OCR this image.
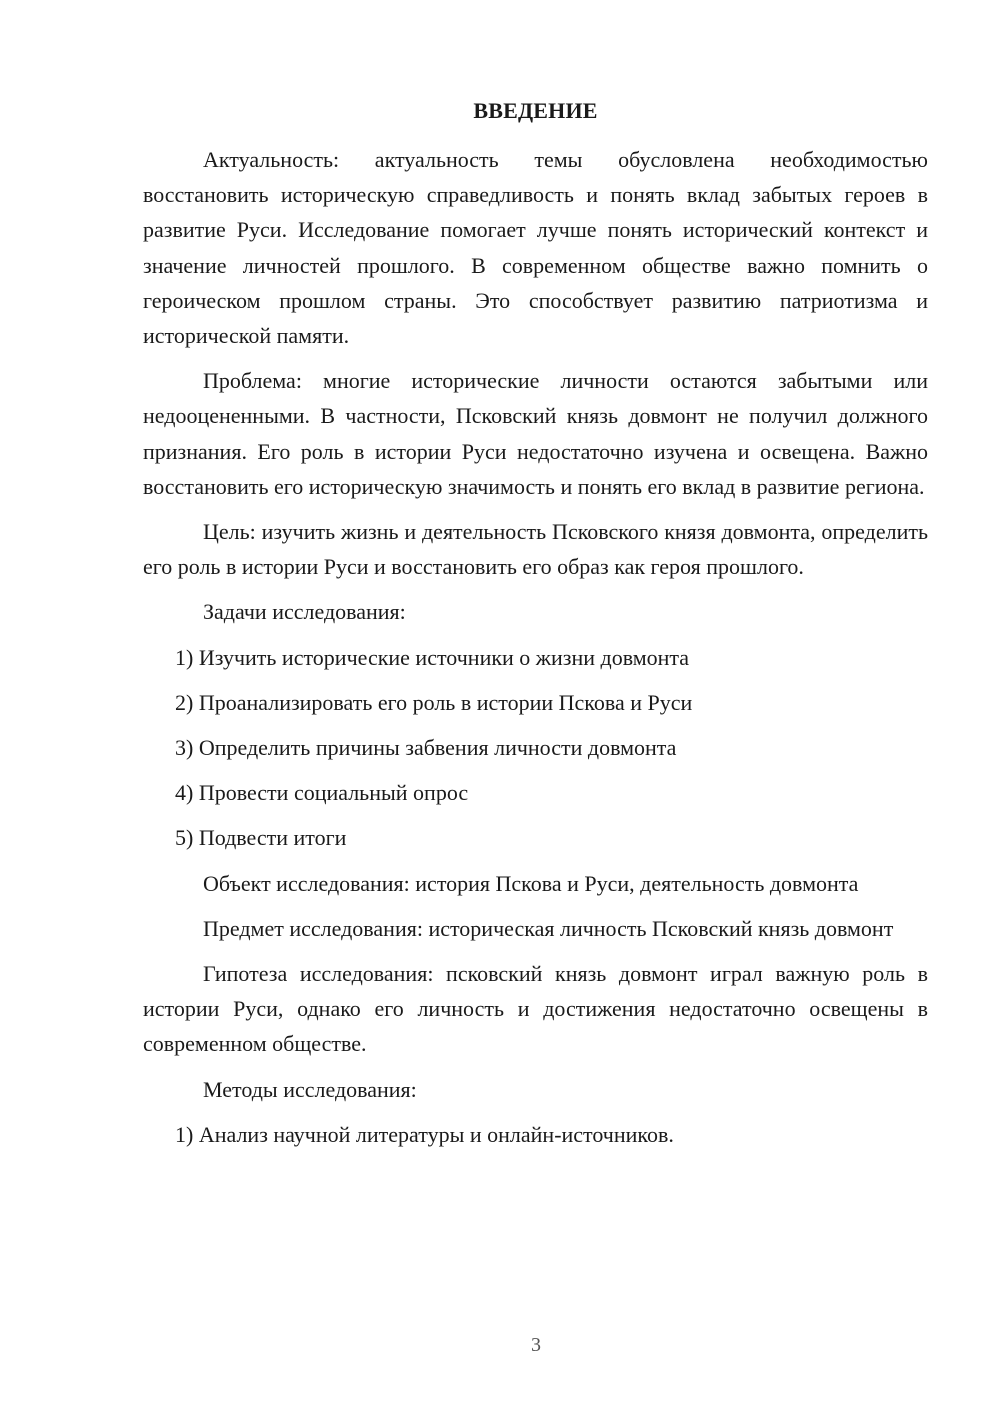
ВВЕДЕНИЕ

Актуальность: актуальность темы обусловлена необходимостью восстановить историческую справедливость и понять вклад забытых героев в развитие Руси. Исследование помогает лучше понять исторический контекст и значение личностей прошлого. В современном обществе важно помнить о героическом прошлом страны. Это способствует развитию патриотизма и исторической памяти.

Проблема: многие исторические личности остаются забытыми или недооцененными. В частности, Псковский князь довмонт не получил должного признания. Его роль в истории Руси недостаточно изучена и освещена. Важно восстановить его историческую значимость и понять его вклад в развитие региона.

Цель: изучить жизнь и деятельность Псковского князя довмонта, определить его роль в истории Руси и восстановить его образ как героя прошлого.

Задачи исследования:

1) Изучить исторические источники о жизни довмонта

2) Проанализировать его роль в истории Пскова и Руси

3) Определить причины забвения личности довмонта

4) Провести социальный опрос

5) Подвести итоги

Объект исследования: история Пскова и Руси, деятельность довмонта

Предмет исследования: историческая личность Псковский князь довмонт

Гипотеза исследования: псковский князь довмонт играл важную роль в истории Руси, однако его личность и достижения недостаточно освещены в современном обществе.

Методы исследования:

1) Анализ научной литературы и онлайн-источников.

3
